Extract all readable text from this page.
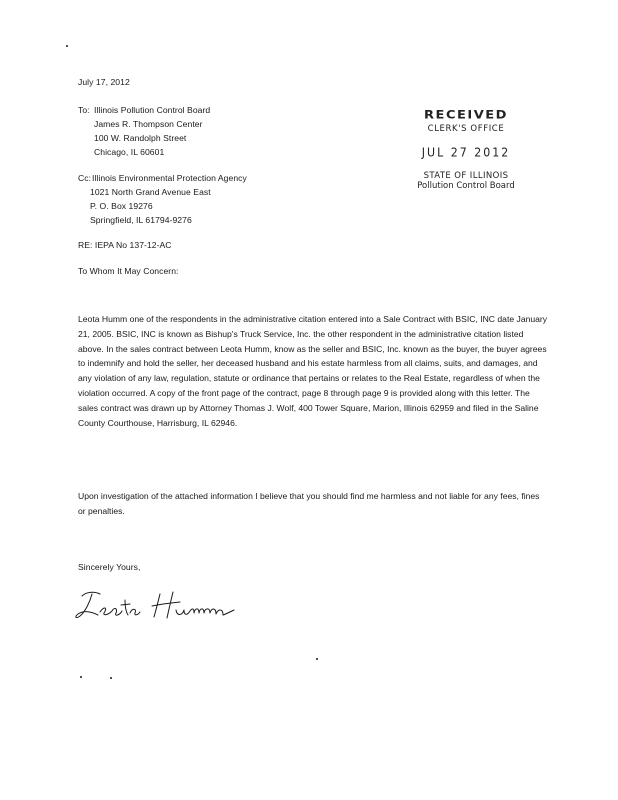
July 17, 2012
To: Illinois Pollution Control Board
James R. Thompson Center
100 W. Randolph Street
Chicago, IL 60601
RECEIVED
CLERK'S OFFICE
JUL 27 2012
STATE OF ILLINOIS
Pollution Control Board
Cc: Illinois Environmental Protection Agency
1021 North Grand Avenue East
P. O. Box 19276
Springfield, IL 61794-9276
RE: IEPA No 137-12-AC
To Whom It May Concern:
Leota Humm one of the respondents in the administrative citation entered into a Sale Contract with BSIC, INC date January 21, 2005. BSIC, INC is known as Bishup's Truck Service, Inc. the other respondent in the administrative citation listed above. In the sales contract between Leota Humm, know as the seller and BSIC, Inc. known as the buyer, the buyer agrees to indemnify and hold the seller, her deceased husband and his estate harmless from all claims, suits, and damages, and any violation of any law, regulation, statute or ordinance that pertains or relates to the Real Estate, regardless of when the violation occurred. A copy of the front page of the contract, page 8 through page 9 is provided along with this letter. The sales contract was drawn up by Attorney Thomas J. Wolf, 400 Tower Square, Marion, Illinois 62959 and filed in the Saline County Courthouse, Harrisburg, IL 62946.
Upon investigation of the attached information I believe that you should find me harmless and not liable for any fees, fines or penalties.
Sincerely Yours,
